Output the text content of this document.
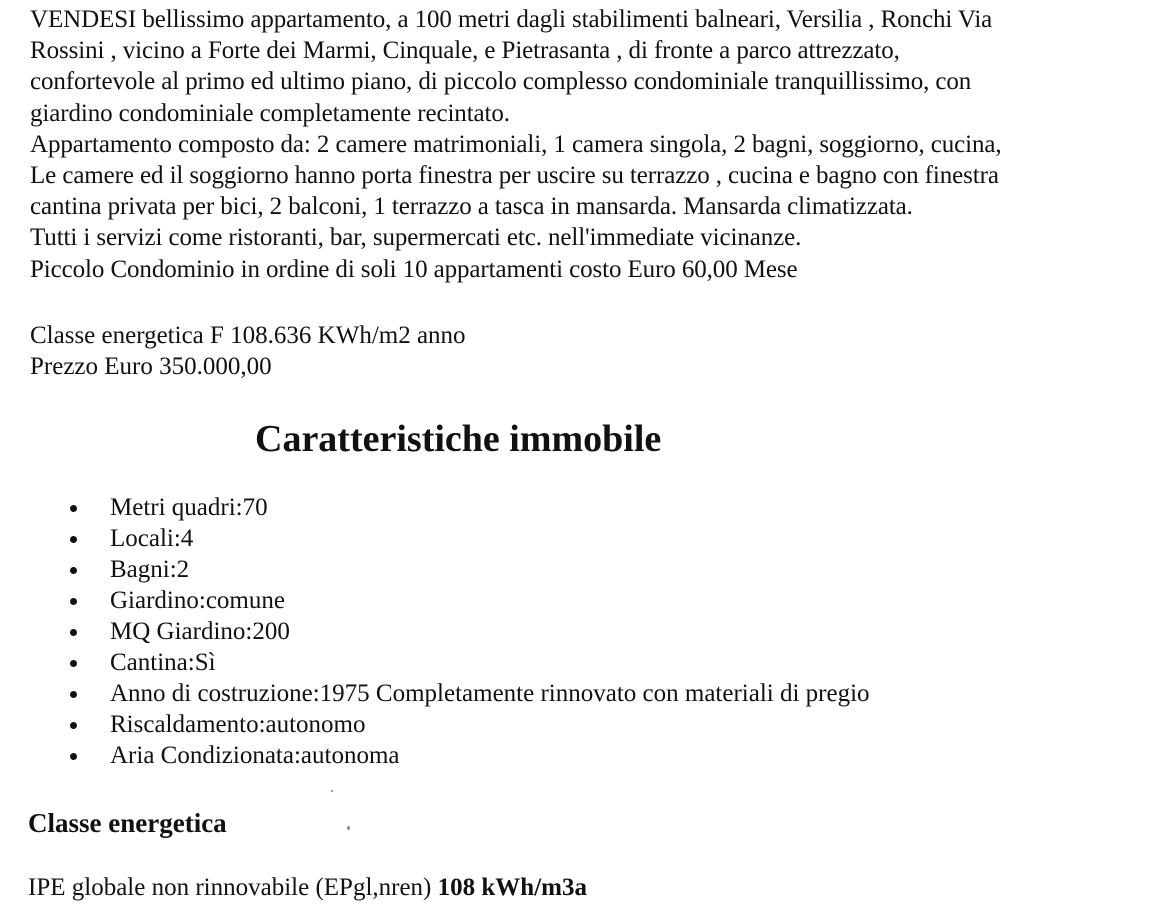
VENDESI bellissimo appartamento, a 100 metri dagli stabilimenti balneari, Versilia , Ronchi Via
Rossini , vicino a Forte dei Marmi, Cinquale, e Pietrasanta , di fronte a parco attrezzato,
confortevole al primo ed ultimo piano, di piccolo complesso condominiale tranquillissimo, con
giardino condominiale completamente recintato.
Appartamento composto da: 2 camere matrimoniali, 1 camera singola, 2 bagni, soggiorno, cucina,
Le camere ed il soggiorno hanno porta finestra per uscire su terrazzo , cucina e bagno con finestra
cantina privata per bici, 2 balconi, 1 terrazzo a tasca in mansarda. Mansarda climatizzata.
Tutti i servizi come ristoranti, bar, supermercati etc. nell'immediate vicinanze.
Piccolo Condominio in ordine di soli 10 appartamenti costo Euro 60,00 Mese
Classe energetica F 108.636 KWh/m2 anno
Prezzo Euro 350.000,00
Caratteristiche immobile
Metri quadri:70
Locali:4
Bagni:2
Giardino:comune
MQ Giardino:200
Cantina:Sì
Anno di costruzione:1975 Completamente rinnovato con materiali di pregio
Riscaldamento:autonomo
Aria Condizionata:autonoma
Classe energetica
IPE globale non rinnovabile (EPgl,nren) 108 kWh/m3a
